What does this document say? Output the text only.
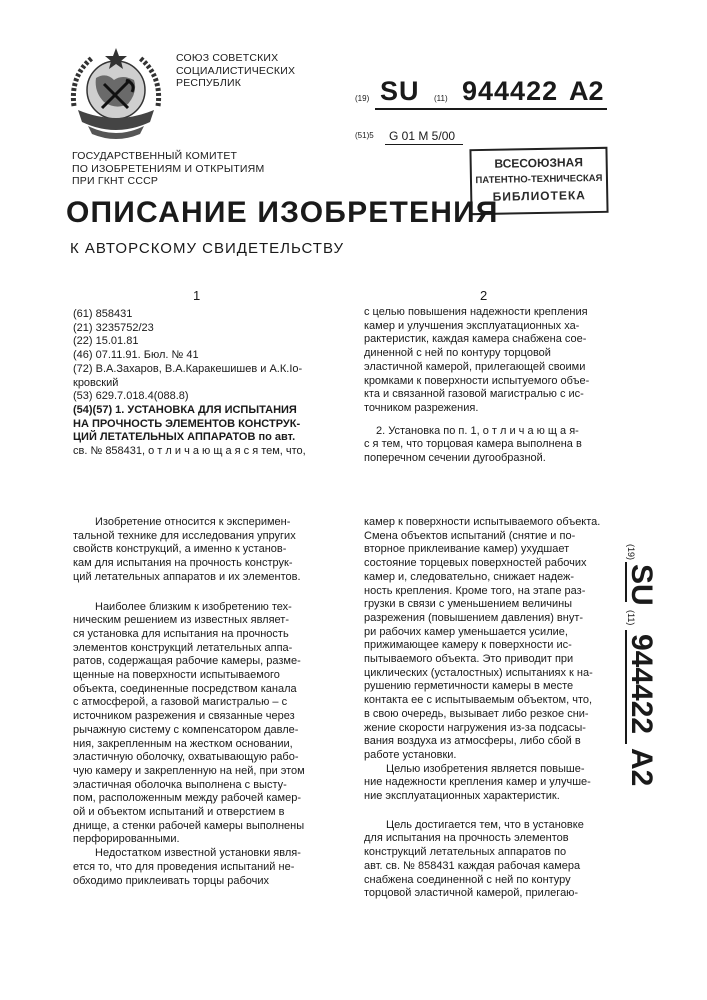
СОЮЗ СОВЕТСКИХ
СОЦИАЛИСТИЧЕСКИХ
РЕСПУБЛИК
(19) SU (11) 944422 A2
(51)5 G 01 M 5/00
ГОСУДАРСТВЕННЫЙ КОМИТЕТ
ПО ИЗОБРЕТЕНИЯМ И ОТКРЫТИЯМ
ПРИ ГКНТ СССР
ВСЕСОЮЗНАЯ
ПАТЕНТНО-ТЕХНИЧЕСКАЯ
БИБЛИОТЕКА
ОПИСАНИЕ ИЗОБРЕТЕНИЯ
К АВТОРСКОМУ СВИДЕТЕЛЬСТВУ
1	2

(61) 858431

(21) 3235752/23

(22) 15.01.81

(46) 07.11.91. Бюл. № 41

(72) В.А.Захаров, В.А.Каракешишев и А.К.Іо-

кровский

(53) 629.7.018.4(088.8)

(54)(57) 1. УСТАНОВКА ДЛЯ ИСПЫТАНИЯ

НА ПРОЧНОСТЬ ЭЛЕМЕНТОВ КОНСТРУК-

ЦИЙ ЛЕТАТЕЛЬНЫХ АППАРАТОВ по авт.

св. № 858431, о т л и ч а ю щ а я с я тем, что,

с целью повышения надежности крепления

камер и улучшения эксплуатационных ха-

рактеристик, каждая камера снабжена сое-

диненной с ней по контуру торцовой

эластичной камерой, прилегающей своими

кромками к поверхности испытуемого объе-

кта и связанной газовой магистралью с ис-

точником разрежения.

2. Установка по п. 1, о т л и ч а ю щ а я-

с я тем, что торцовая камера выполнена в

поперечном сечении дугообразной.

Изобретение относится к эксперимен-

тальной технике для исследования упругих

свойств конструкций, а именно к установ-

кам для испытания на прочность конструк-

ций летательных аппаратов и их элементов.

Наиболее близким к изобретению тех-

ническим решением из известных являет-

ся установка для испытания на прочность

элементов конструкций летательных аппа-

ратов, содержащая рабочие камеры, разме-

щенные на поверхности испытываемого

объекта, соединенные посредством канала

с атмосферой, а газовой магистралью – с

источником разрежения и связанные через

рычажную систему с компенсатором давле-

ния, закрепленным на жестком основании,

эластичную оболочку, охватывающую рабо-

чую камеру и закрепленную на ней, при этом

эластичная оболочка выполнена с высту-

пом, расположенным между рабочей камер-

ой и объектом испытаний и отверстием в

днище, а стенки рабочей камеры выполнены

перфорированными.

Недостатком известной установки явля-

ется то, что для проведения испытаний не-

обходимо приклеивать торцы рабочих

камер к поверхности испытываемого объекта.

Смена объектов испытаний (снятие и по-

вторное приклеивание камер) ухудшает

состояние торцевых поверхностей рабочих

камер и, следовательно, снижает надеж-

ность крепления. Кроме того, на этапе раз-

грузки в связи с уменьшением величины

разрежения (повышением давления) внут-

ри рабочих камер уменьшается усилие,

прижимающее камеру к поверхности ис-

пытываемого объекта. Это приводит при

циклических (усталостных) испытаниях к на-

рушению герметичности камеры в месте

контакта ее с испытываемым объектом, что,

в свою очередь, вызывает либо резкое сни-

жение скорости нагружения из-за подсасы-

вания воздуха из атмосферы, либо сбой в

работе установки.

Целью изобретения является повыше-

ние надежности крепления камер и улучше-

ние эксплуатационных характеристик.

Цель достигается тем, что в установке

для испытания на прочность элементов

конструкций летательных аппаратов по

авт. св. № 858431 каждая рабочая камера

снабжена соединенной с ней по контуру

торцовой эластичной камерой, прилегаю-

(19)
SU
(11)
944422
A2
